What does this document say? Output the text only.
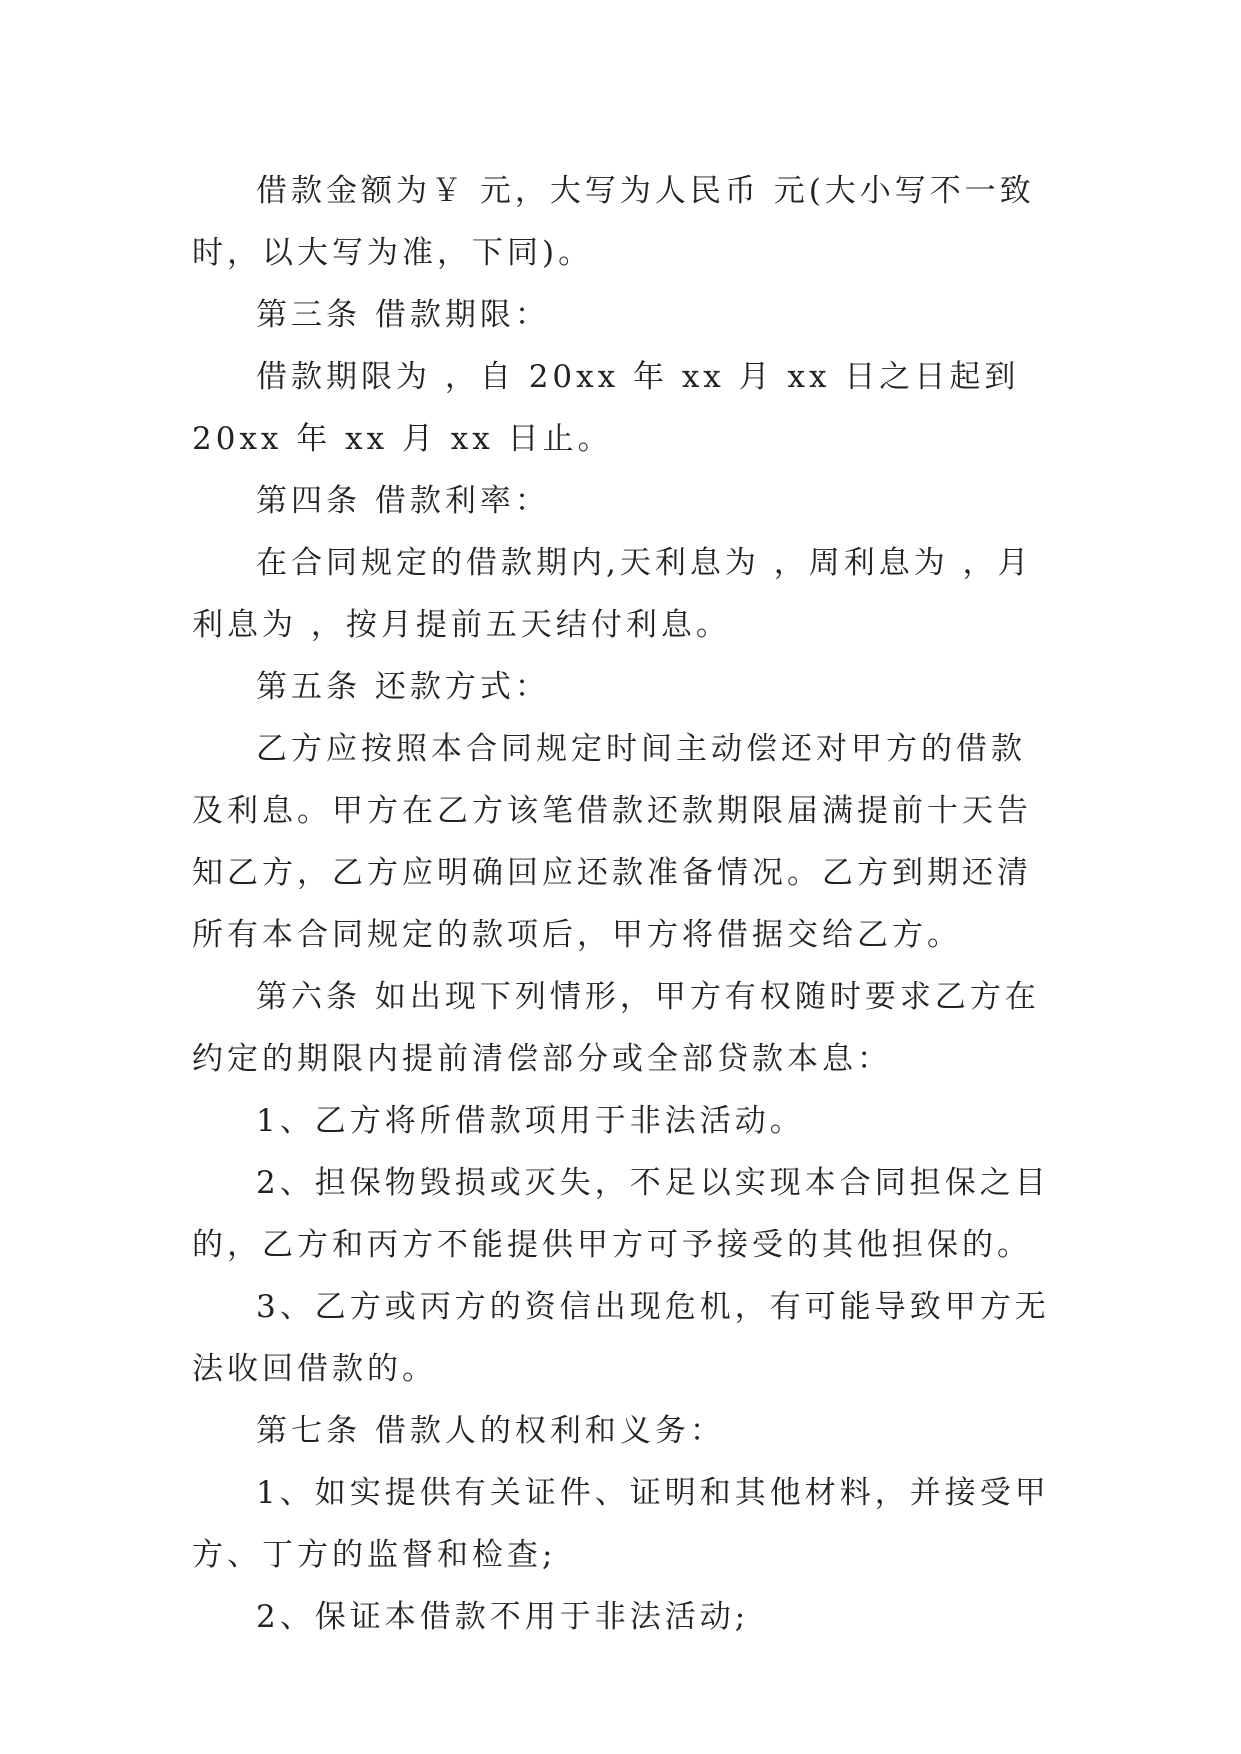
借款金额为￥ 元，大写为人民币 元(大小写不一致时，以大写为准，下同)。

第三条 借款期限：

借款期限为 ，自 20xx 年 xx 月 xx 日之日起到 20xx 年 xx 月 xx 日止。

第四条 借款利率：

在合同规定的借款期内,天利息为 ，周利息为 ，月利息为 ，按月提前五天结付利息。

第五条 还款方式：

乙方应按照本合同规定时间主动偿还对甲方的借款及利息。甲方在乙方该笔借款还款期限届满提前十天告知乙方，乙方应明确回应还款准备情况。乙方到期还清所有本合同规定的款项后，甲方将借据交给乙方。

第六条 如出现下列情形，甲方有权随时要求乙方在约定的期限内提前清偿部分或全部贷款本息：

1、乙方将所借款项用于非法活动。

2、担保物毁损或灭失，不足以实现本合同担保之目的，乙方和丙方不能提供甲方可予接受的其他担保的。

3、乙方或丙方的资信出现危机，有可能导致甲方无法收回借款的。

第七条 借款人的权利和义务：

1、如实提供有关证件、证明和其他材料，并接受甲方、丁方的监督和检查;

2、保证本借款不用于非法活动;
